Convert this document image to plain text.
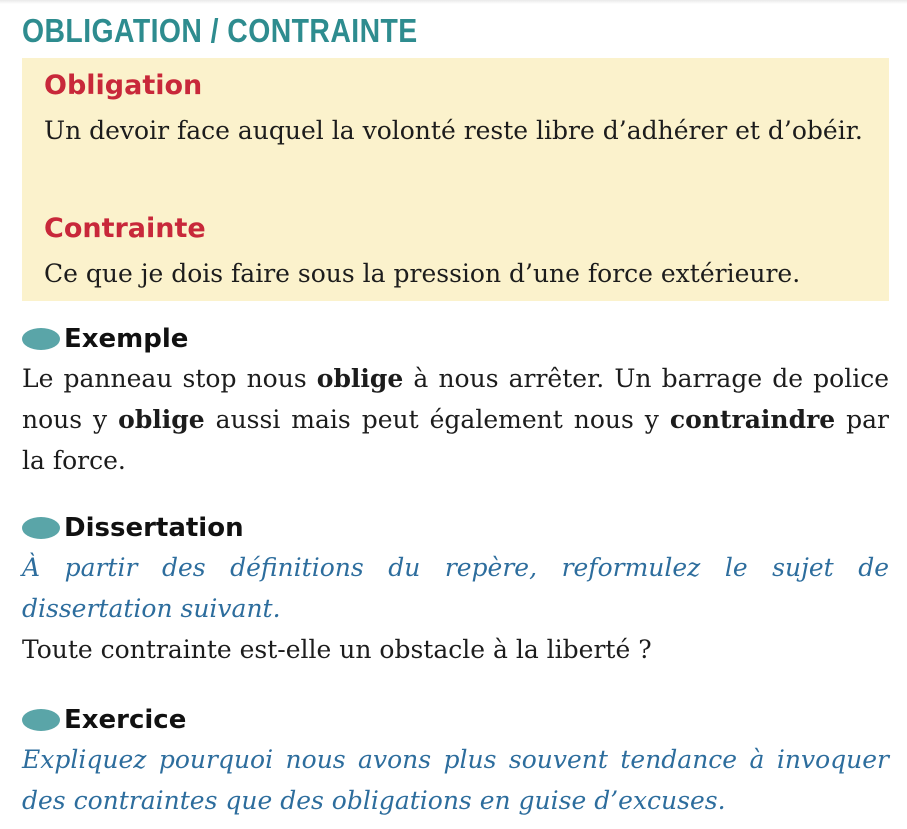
OBLIGATION / CONTRAINTE
Obligation
Un devoir face auquel la volonté reste libre d’adhérer et d’obéir.
Contrainte
Ce que je dois faire sous la pression d’une force extérieure.
Exemple
Le panneau stop nous oblige à nous arrêter. Un barrage de police nous y oblige aussi mais peut également nous y contraindre par la force.
Dissertation
À partir des définitions du repère, reformulez le sujet de dissertation suivant.
Toute contrainte est-elle un obstacle à la liberté ?
Exercice
Expliquez pourquoi nous avons plus souvent tendance à invoquer des contraintes que des obligations en guise d’excuses.
